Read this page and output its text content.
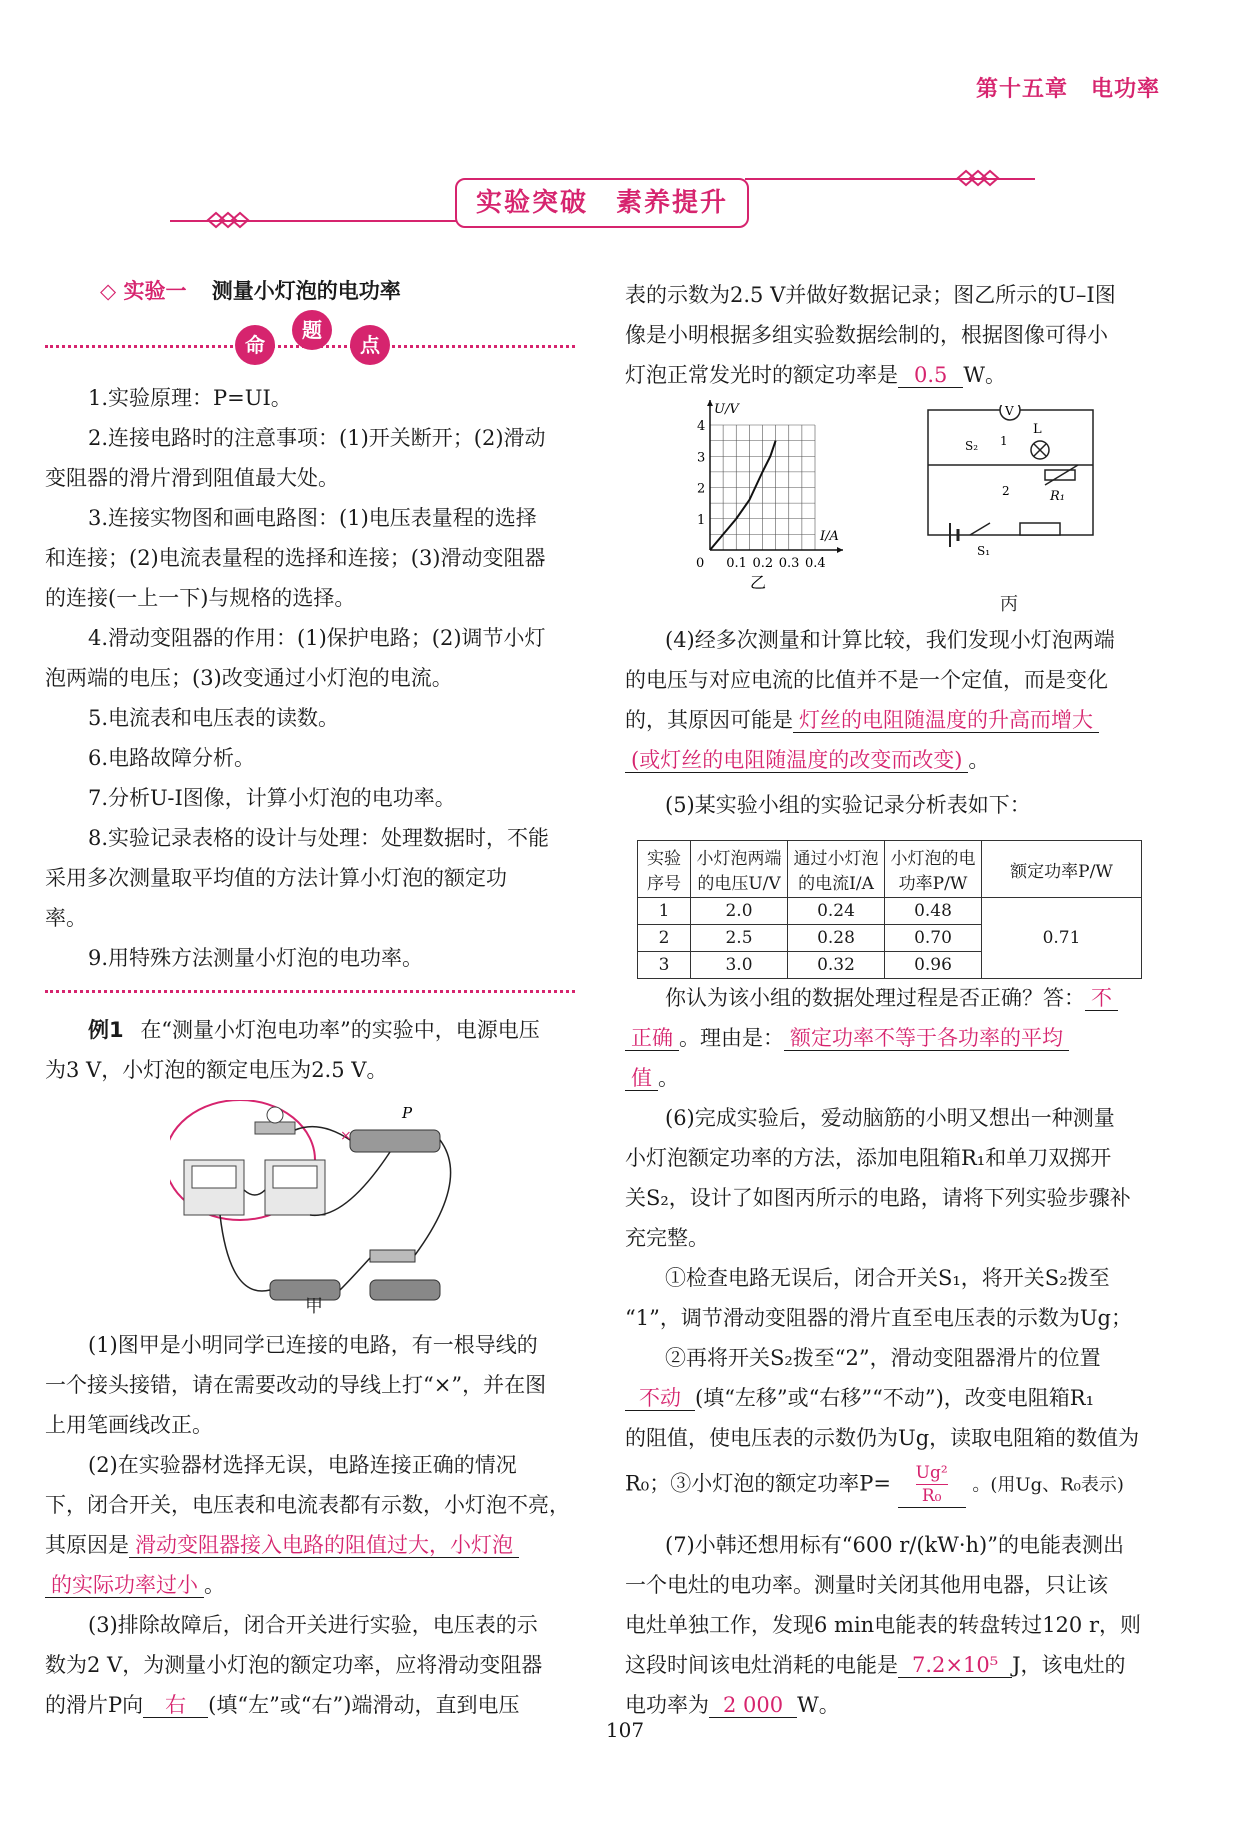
第十五章　电功率
实验突破　素养提升
◇ 实验一 测量小灯泡的电功率
命
题
点

1.实验原理：P=UI。

2.连接电路时的注意事项：(1)开关断开；(2)滑动

变阻器的滑片滑到阻值最大处。

3.连接实物图和画电路图：(1)电压表量程的选择

和连接；(2)电流表量程的选择和连接；(3)滑动变阻器

的连接(一上一下)与规格的选择。

4.滑动变阻器的作用：(1)保护电路；(2)调节小灯

泡两端的电压；(3)改变通过小灯泡的电流。

5.电流表和电压表的读数。

6.电路故障分析。

7.分析U-I图像，计算小灯泡的电功率。

8.实验记录表格的设计与处理：处理数据时，不能

采用多次测量取平均值的方法计算小灯泡的额定功

率。

9.用特殊方法测量小灯泡的电功率。

例1 在“测量小灯泡电功率”的实验中，电源电压

为3 V，小灯泡的额定电压为2.5 V。

×
P
甲

(1)图甲是小明同学已连接的电路，有一根导线的

一个接头接错，请在需要改动的导线上打“×”，并在图

上用笔画线改正。

(2)在实验器材选择无误，电路连接正确的情况

下，闭合开关，电压表和电流表都有示数，小灯泡不亮，

其原因是 滑动变阻器接入电路的阻值过大，小灯泡

的实际功率过小 。

(3)排除故障后，闭合开关进行实验，电压表的示

数为2 V，为测量小灯泡的额定功率，应将滑动变阻器

的滑片P向 右 (填“左”或“右”)端滑动，直到电压

表的示数为2.5 V并做好数据记录；图乙所示的U–I图

像是小明根据多组实验数据绘制的，根据图像可得小

灯泡正常发光时的额定功率是 0.5 W。

0 0.1 0.2 0.3 0.4
1
2
3
4
U/V
I/A
乙
V
L
R₁
S₂ 1
2
S₁
丙

(4)经多次测量和计算比较，我们发现小灯泡两端

的电压与对应电流的比值并不是一个定值，而是变化

的，其原因可能是 灯丝的电阻随温度的升高而增大

(或灯丝的电阻随温度的改变而改变) 。

(5)某实验小组的实验记录分析表如下：

实验序号	小灯泡两端的电压U/V	通过小灯泡的电流I/A	小灯泡的电功率P/W	额定功率P/W
1	2.0	0.24	0.48	0.71
2	2.5	0.28	0.70	
3	3.0	0.32	0.96	

你认为该小组的数据处理过程是否正确？答： 不

正确 。理由是： 额定功率不等于各功率的平均

值 。

(6)完成实验后，爱动脑筋的小明又想出一种测量

小灯泡额定功率的方法，添加电阻箱R₁和单刀双掷开

关S₂，设计了如图丙所示的电路，请将下列实验步骤补

充完整。

①检查电路无误后，闭合开关S₁，将开关S₂拨至

“1”，调节滑动变阻器的滑片直至电压表的示数为Ug；

②再将开关S₂拨至“2”，滑动变阻器滑片的位置

不动 (填“左移”或“右移”“不动”)，改变电阻箱R₁

的阻值，使电压表的示数仍为Ug，读取电阻箱的数值为

R₀；③小灯泡的额定功率$P= \frac{\text{Ug²}}{\text{R₀}}$ 。(用Ug、R₀表示)

(7)小韩还想用标有“600 r/(kW·h)”的电能表测出

一个电灶的电功率。测量时关闭其他用电器，只让该

电灶单独工作，发现6 min电能表的转盘转过120 r，则

这段时间该电灶消耗的电能是 7.2×10⁵ J，该电灶的

电功率为 2 000 W。

107
